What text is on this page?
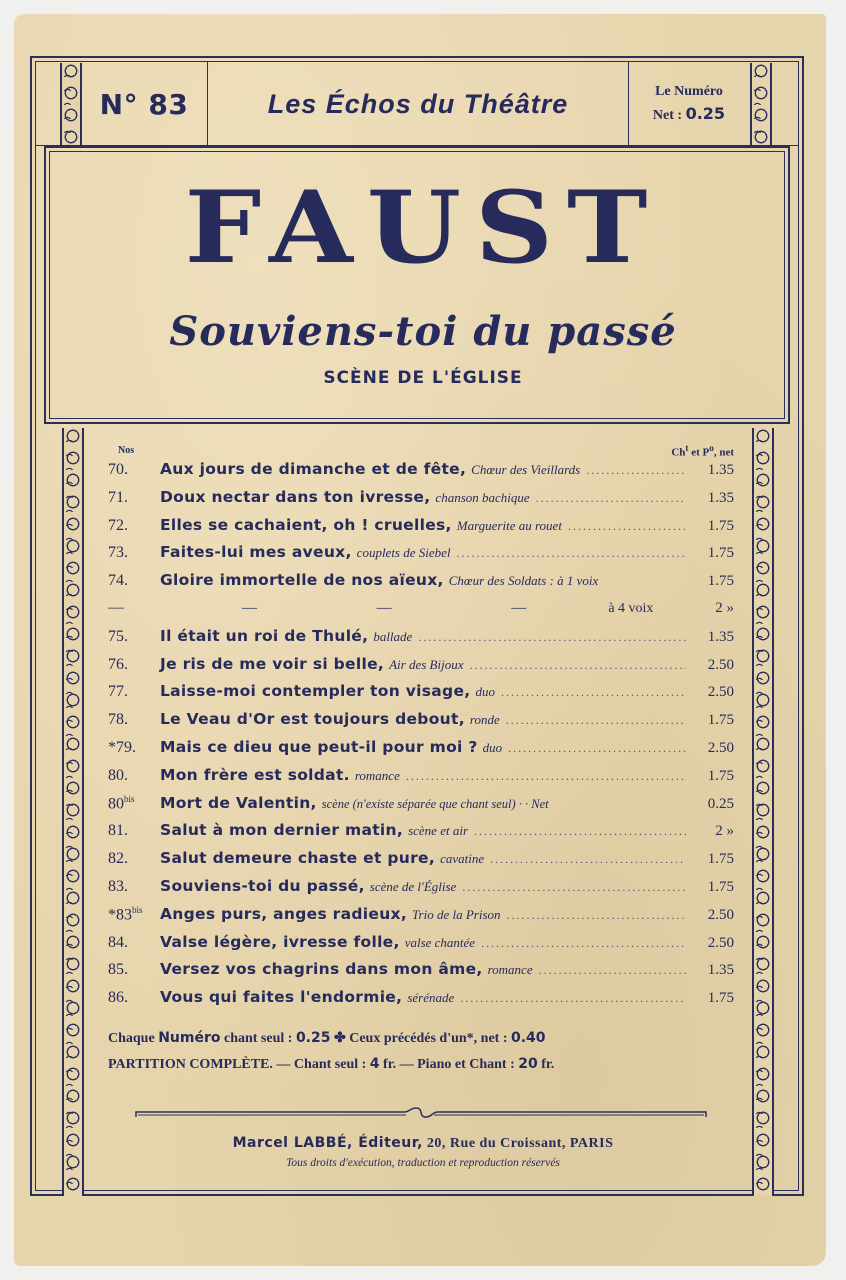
N° 83	Les Échos du Théâtre	Le Numéro
Net : 0.25
FAUST
Souviens-toi du passé
SCÈNE DE L'ÉGLISE
Nos	Ch$^t$ et $P^o$, net
70.	Aux jours de dimanche et de fête, Chœur des Vieillards .....	1.35
71.	Doux nectar dans ton ivresse, chanson bachique .....	1.35
72.	Elles se cachaient, oh ! cruelles, Marguerite au rouet .....	1.75
73.	Faites-lui mes aveux, couplets de Siebel .....	1.75
74.	Gloire immortelle de nos aïeux, Chœur des Soldats : à 1 voix	1.75
—	—	—	—	à 4 voix	2 »
75.	Il était un roi de Thulé, ballade .....	1.35
76.	Je ris de me voir si belle, Air des Bijoux .....	2.50
77.	Laisse-moi contempler ton visage, duo .....	2.50
78.	Le Veau d'Or est toujours debout, ronde .....	1.75
*79.	Mais ce dieu que peut-il pour moi ? duo .....	2.50
80.	Mon frère est soldat. romance .....	1.75
$80^{bis}$	Mort de Valentin, scène (n'existe séparée que chant seul) · · Net	0.25
81.	Salut à mon dernier matin, scène et air .....	2 »
82.	Salut demeure chaste et pure, cavatine .....	1.75
83.	Souviens-toi du passé, scène de l'Église .....	1.75
$*83^{bis}$	Anges purs, anges radieux, Trio de la Prison .....	2.50
84.	Valse légère, ivresse folle, valse chantée .....	2.50
85.	Versez vos chagrins dans mon âme, romance .....	1.35
86.	Vous qui faites l'endormie, sérénade .....	1.75
Chaque Numéro chant seul : 0.25 ✤ Ceux précédés d'un*, net : 0.40
PARTITION COMPLÈTE. — Chant seul : 4 fr. — Piano et Chant : 20 fr.
Marcel LABBÉ, Éditeur, 20, Rue du Croissant, PARIS
Tous droits d'exécution, traduction et reproduction réservés
